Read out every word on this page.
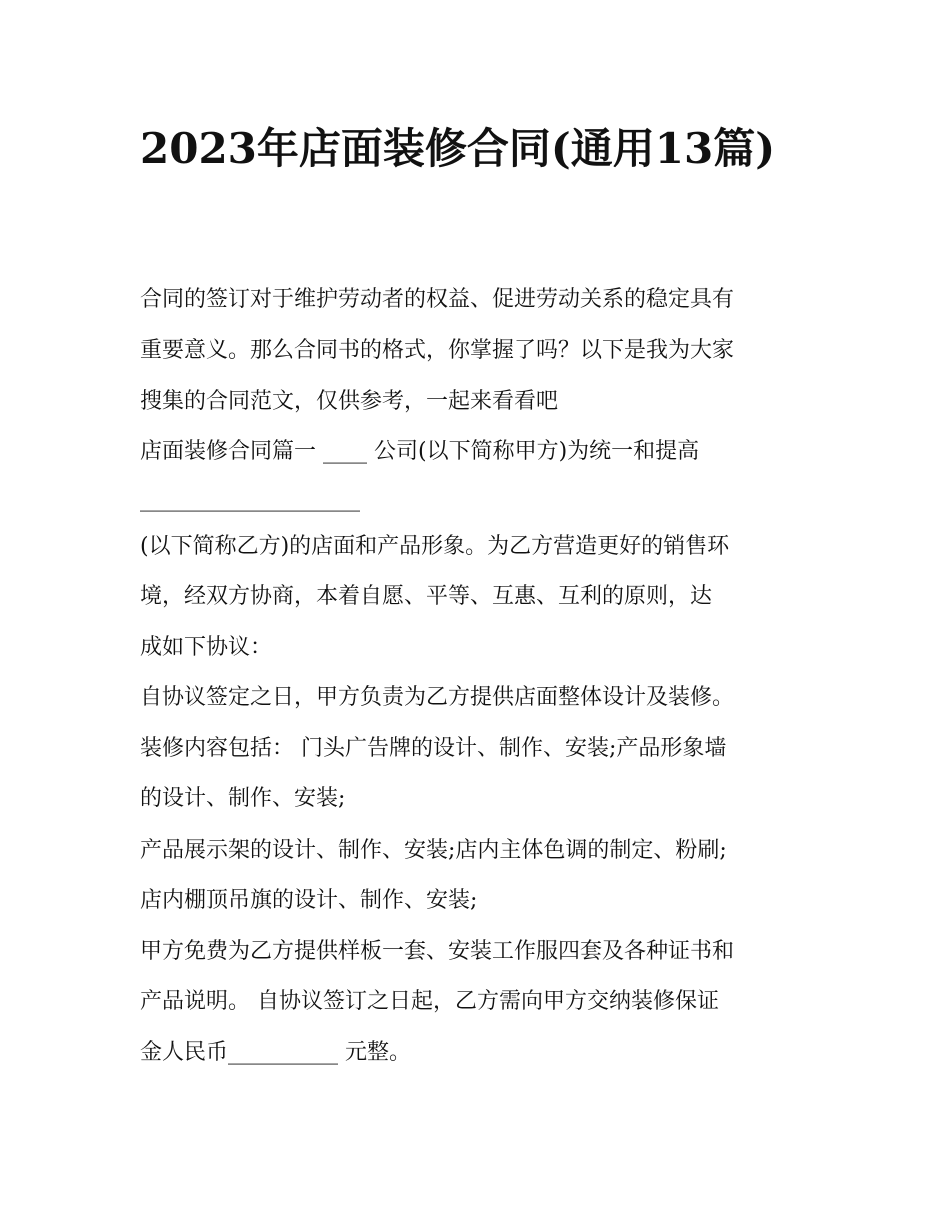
2023年店面装修合同(通用13篇)
合同的签订对于维护劳动者的权益、促进劳动关系的稳定具有
重要意义。那么合同书的格式，你掌握了吗？以下是我为大家
搜集的合同范文，仅供参考，一起来看看吧
店面装修合同篇一 ____ 公司(以下简称甲方)为统一和提高
____________________
(以下简称乙方)的店面和产品形象。为乙方营造更好的销售环
境，经双方协商，本着自愿、平等、互惠、互利的原则，达
成如下协议：
自协议签定之日，甲方负责为乙方提供店面整体设计及装修。
装修内容包括： 门头广告牌的设计、制作、安装;产品形象墙
的设计、制作、安装;
产品展示架的设计、制作、安装;店内主体色调的制定、粉刷;
店内棚顶吊旗的设计、制作、安装;
甲方免费为乙方提供样板一套、安装工作服四套及各种证书和
产品说明。 自协议签订之日起，乙方需向甲方交纳装修保证
金人民币__________ 元整。
